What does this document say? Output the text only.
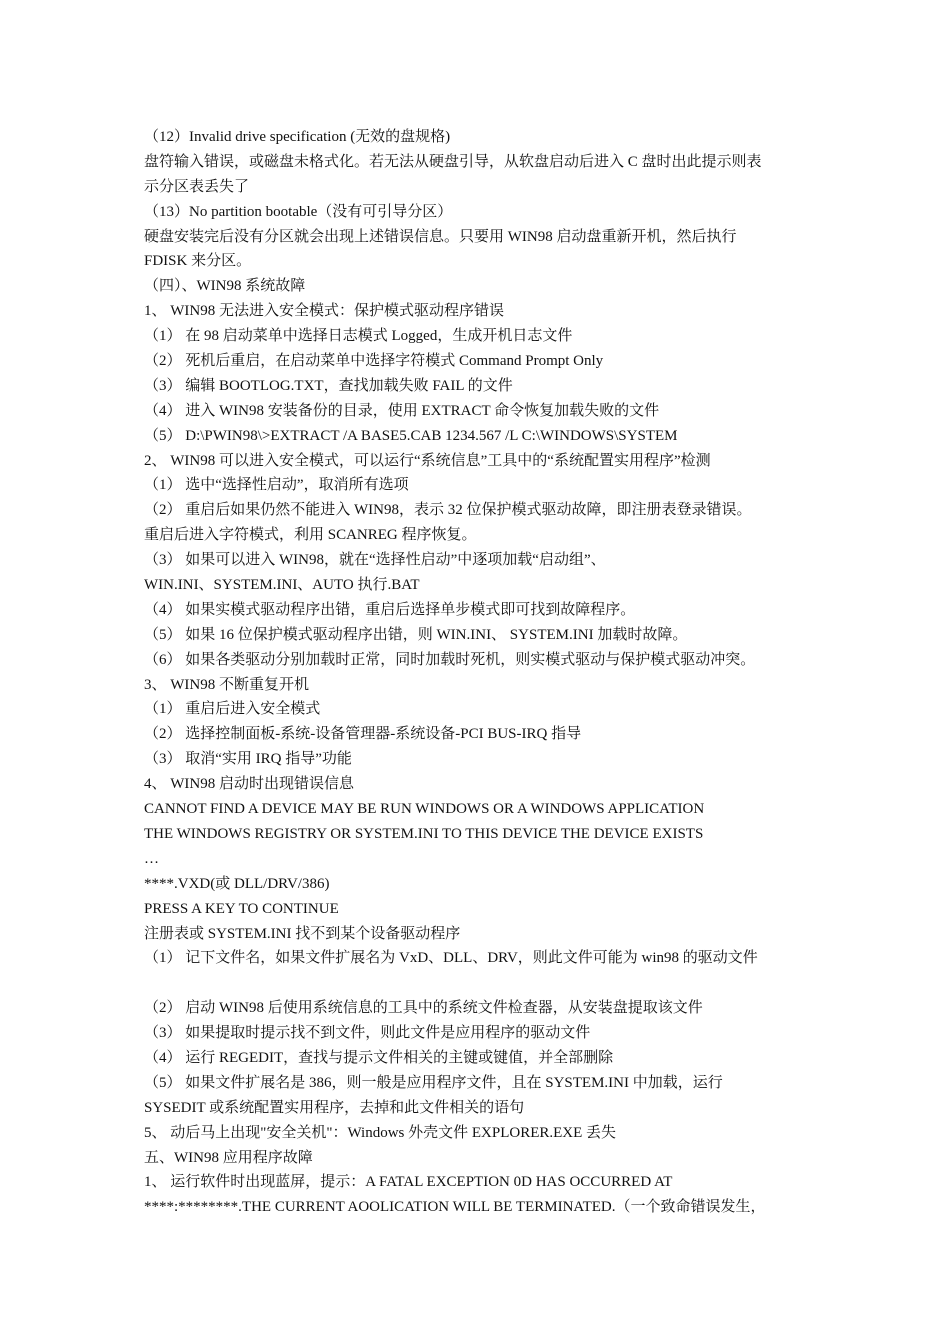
（12）Invalid drive specification (无效的盘规格)
盘符输入错误，或磁盘未格式化。若无法从硬盘引导，从软盘启动后进入 C 盘时出此提示则表
示分区表丢失了
（13）No partition bootable（没有可引导分区）
硬盘安装完后没有分区就会出现上述错误信息。只要用 WIN98 启动盘重新开机，然后执行
FDISK 来分区。
（四）、WIN98 系统故障
1、 WIN98 无法进入安全模式：保护模式驱动程序错误
（1） 在 98 启动菜单中选择日志模式 Logged，生成开机日志文件
（2） 死机后重启，在启动菜单中选择字符模式 Command Prompt Only
（3） 编辑 BOOTLOG.TXT，查找加载失败 FAIL 的文件
（4） 进入 WIN98 安装备份的目录，使用 EXTRACT 命令恢复加载失败的文件
（5） D:\PWIN98\>EXTRACT /A BASE5.CAB 1234.567 /L C:\WINDOWS\SYSTEM
2、 WIN98 可以进入安全模式，可以运行“系统信息”工具中的“系统配置实用程序”检测
（1） 选中“选择性启动”，取消所有选项
（2） 重启后如果仍然不能进入 WIN98，表示 32 位保护模式驱动故障，即注册表登录错误。
重启后进入字符模式，利用 SCANREG 程序恢复。
（3） 如果可以进入 WIN98，就在“选择性启动”中逐项加载“启动组”、
WIN.INI、SYSTEM.INI、AUTO 执行.BAT
（4） 如果实模式驱动程序出错，重启后选择单步模式即可找到故障程序。
（5） 如果 16 位保护模式驱动程序出错，则 WIN.INI、 SYSTEM.INI 加载时故障。
（6） 如果各类驱动分别加载时正常，同时加载时死机，则实模式驱动与保护模式驱动冲突。
3、 WIN98 不断重复开机
（1） 重启后进入安全模式
（2） 选择控制面板-系统-设备管理器-系统设备-PCI BUS-IRQ 指导
（3） 取消“实用 IRQ 指导”功能
4、 WIN98 启动时出现错误信息
CANNOT FIND A DEVICE MAY BE RUN WINDOWS OR A WINDOWS APPLICATION
THE WINDOWS REGISTRY OR SYSTEM.INI TO THIS DEVICE THE DEVICE EXISTS
…
****.VXD(或 DLL/DRV/386)
PRESS A KEY TO CONTINUE
注册表或 SYSTEM.INI 找不到某个设备驱动程序
（1） 记下文件名，如果文件扩展名为 VxD、DLL、DRV，则此文件可能为 win98 的驱动文件
（2） 启动 WIN98 后使用系统信息的工具中的系统文件检查器，从安装盘提取该文件
（3） 如果提取时提示找不到文件，则此文件是应用程序的驱动文件
（4） 运行 REGEDIT，查找与提示文件相关的主键或键值，并全部删除
（5） 如果文件扩展名是 386，则一般是应用程序文件，且在 SYSTEM.INI 中加载，运行
SYSEDIT 或系统配置实用程序，去掉和此文件相关的语句
5、 动后马上出现"安全关机"：Windows 外壳文件 EXPLORER.EXE 丢失
五、WIN98 应用程序故障
1、 运行软件时出现蓝屏，提示：A FATAL EXCEPTION 0D HAS OCCURRED AT
****:********.THE CURRENT AOOLICATION WILL BE TERMINATED.（一个致命错误发生，
